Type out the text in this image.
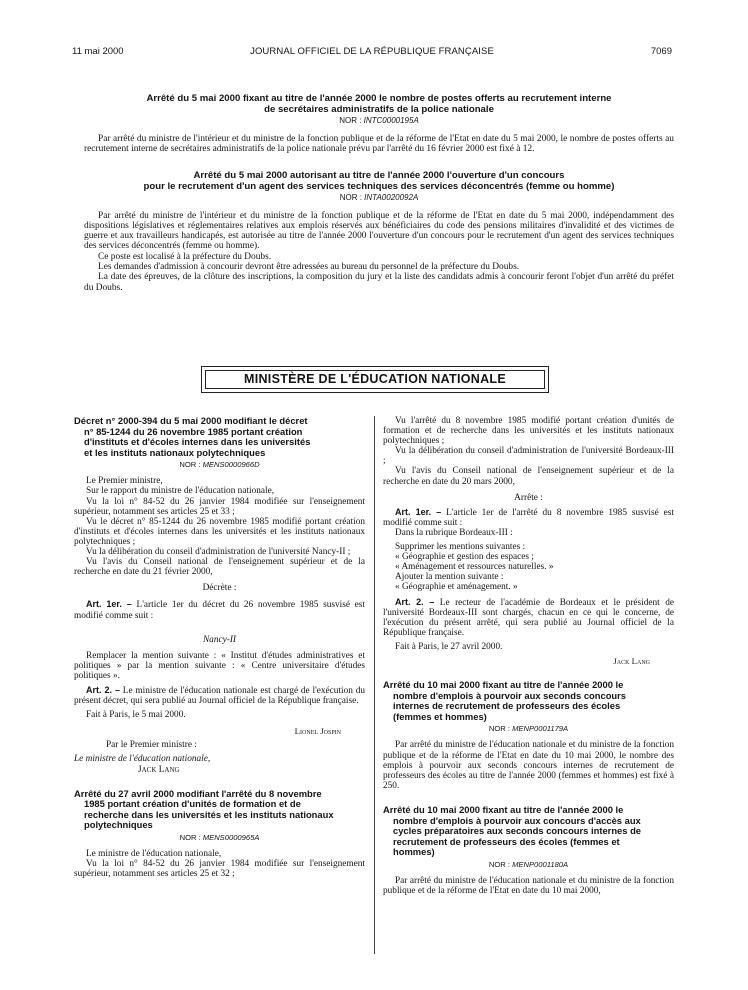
11 mai 2000	JOURNAL OFFICIEL DE LA RÉPUBLIQUE FRANÇAISE	7069
Arrêté du 5 mai 2000 fixant au titre de l'année 2000 le nombre de postes offerts au recrutement interne
de secrétaires administratifs de la police nationale
NOR : INTC0000195A

Par arrêté du ministre de l'intérieur et du ministre de la fonction publique et de la réforme de l'Etat en date du 5 mai 2000, le nombre de postes offerts au recrutement interne de secrétaires administratifs de la police nationale prévu par l'arrêté du 16 février 2000 est fixé à 12.

Arrêté du 5 mai 2000 autorisant au titre de l'année 2000 l'ouverture d'un concours
pour le recrutement d'un agent des services techniques des services déconcentrés (femme ou homme)
NOR : INTA0020092A

Par arrêté du ministre de l'intérieur et du ministre de la fonction publique et de la réforme de l'Etat en date du 5 mai 2000, indépendamment des dispositions législatives et réglementaires relatives aux emplois réservés aux bénéficiaires du code des pensions militaires d'invalidité et des victimes de guerre et aux travailleurs handicapés, est autorisée au titre de l'année 2000 l'ouverture d'un concours pour le recrutement d'un agent des services techniques des services déconcentrés (femme ou homme).

Ce poste est localisé à la préfecture du Doubs.

Les demandes d'admission à concourir devront être adressées au bureau du personnel de la préfecture du Doubs.

La date des épreuves, de la clôture des inscriptions, la composition du jury et la liste des candidats admis à concourir feront l'objet d'un arrêté du préfet du Doubs.

MINISTÈRE DE L'ÉDUCATION NATIONALE
Décret n° 2000-394 du 5 mai 2000 modifiant le décret
n° 85-1244 du 26 novembre 1985 portant création
d'instituts et d'écoles internes dans les universités
et les instituts nationaux polytechniques
NOR : MENS0000966D

Le Premier ministre,

Sur le rapport du ministre de l'éducation nationale,

Vu la loi n° 84-52 du 26 janvier 1984 modifiée sur l'enseignement supérieur, notamment ses articles 25 et 33 ;

Vu le décret n° 85-1244 du 26 novembre 1985 modifié portant création d'instituts et d'écoles internes dans les universités et les instituts nationaux polytechniques ;

Vu la délibération du conseil d'administration de l'université Nancy-II ;

Vu l'avis du Conseil national de l'enseignement supérieur et de la recherche en date du 21 février 2000,

Décrète :

Art. 1er. – L'article 1er du décret du 26 novembre 1985 susvisé est modifié comme suit :

Nancy-II

Remplacer la mention suivante : « Institut d'études administratives et politiques » par la mention suivante : « Centre universitaire d'études politiques ».

Art. 2. – Le ministre de l'éducation nationale est chargé de l'exécution du présent décret, qui sera publié au Journal officiel de la République française.

Fait à Paris, le 5 mai 2000.

Lionel Jospin

Par le Premier ministre :

Le ministre de l'éducation nationale,

Jack Lang

Arrêté du 27 avril 2000 modifiant l'arrêté du 8 novembre
1985 portant création d'unités de formation et de
recherche dans les universités et les instituts nationaux
polytechniques
NOR : MENS0000965A

Le ministre de l'éducation nationale,

Vu la loi n° 84-52 du 26 janvier 1984 modifiée sur l'enseignement supérieur, notamment ses articles 25 et 32 ;

Vu l'arrêté du 8 novembre 1985 modifié portant création d'unités de formation et de recherche dans les universités et les instituts nationaux polytechniques ;

Vu la délibération du conseil d'administration de l'université Bordeaux-III ;

Vu l'avis du Conseil national de l'enseignement supérieur et de la recherche en date du 20 mars 2000,

Arrête :

Art. 1er. – L'article 1er de l'arrêté du 8 novembre 1985 susvisé est modifié comme suit :

Dans la rubrique Bordeaux-III :

Supprimer les mentions suivantes :

« Géographie et gestion des espaces ;

« Aménagement et ressources naturelles. »

Ajouter la mention suivante :

« Géographie et aménagement. »

Art. 2. – Le recteur de l'académie de Bordeaux et le président de l'université Bordeaux-III sont chargés, chacun en ce qui le concerne, de l'exécution du présent arrêté, qui sera publié au Journal officiel de la République française.

Fait à Paris, le 27 avril 2000.

Jack Lang

Arrêté du 10 mai 2000 fixant au titre de l'année 2000 le
nombre d'emplois à pourvoir aux seconds concours
internes de recrutement de professeurs des écoles
(femmes et hommes)
NOR : MENP0001179A

Par arrêté du ministre de l'éducation nationale et du ministre de la fonction publique et de la réforme de l'Etat en date du 10 mai 2000, le nombre des emplois à pourvoir aux seconds concours internes de recrutement de professeurs des écoles au titre de l'année 2000 (femmes et hommes) est fixé à 250.

Arrêté du 10 mai 2000 fixant au titre de l'année 2000 le
nombre d'emplois à pourvoir aux concours d'accès aux
cycles préparatoires aux seconds concours internes de
recrutement de professeurs des écoles (femmes et
hommes)
NOR : MENP0001180A

Par arrêté du ministre de l'éducation nationale et du ministre de la fonction publique et de la réforme de l'Etat en date du 10 mai 2000,
